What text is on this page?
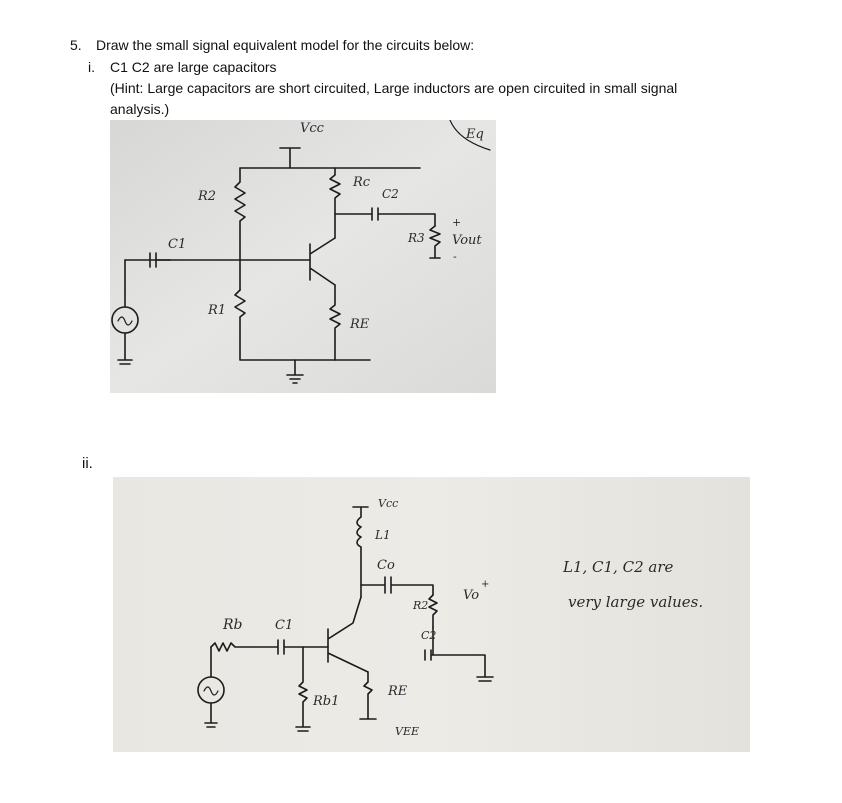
5. Draw the small signal equivalent model for the circuits below:
i. C1 C2 are large capacitors
(Hint: Large capacitors are short circuited, Large inductors are open circuited in small signal
analysis.)
ii.
Vcc
R2
Rc
C2
C1	R3
+
Vout
-
R1
RE
Eq
Vcc
L1
Co
R2
Vo
+
C2
Rb C1
Rb1
RE
VEE
L1, C1, C2 are
very large values.
